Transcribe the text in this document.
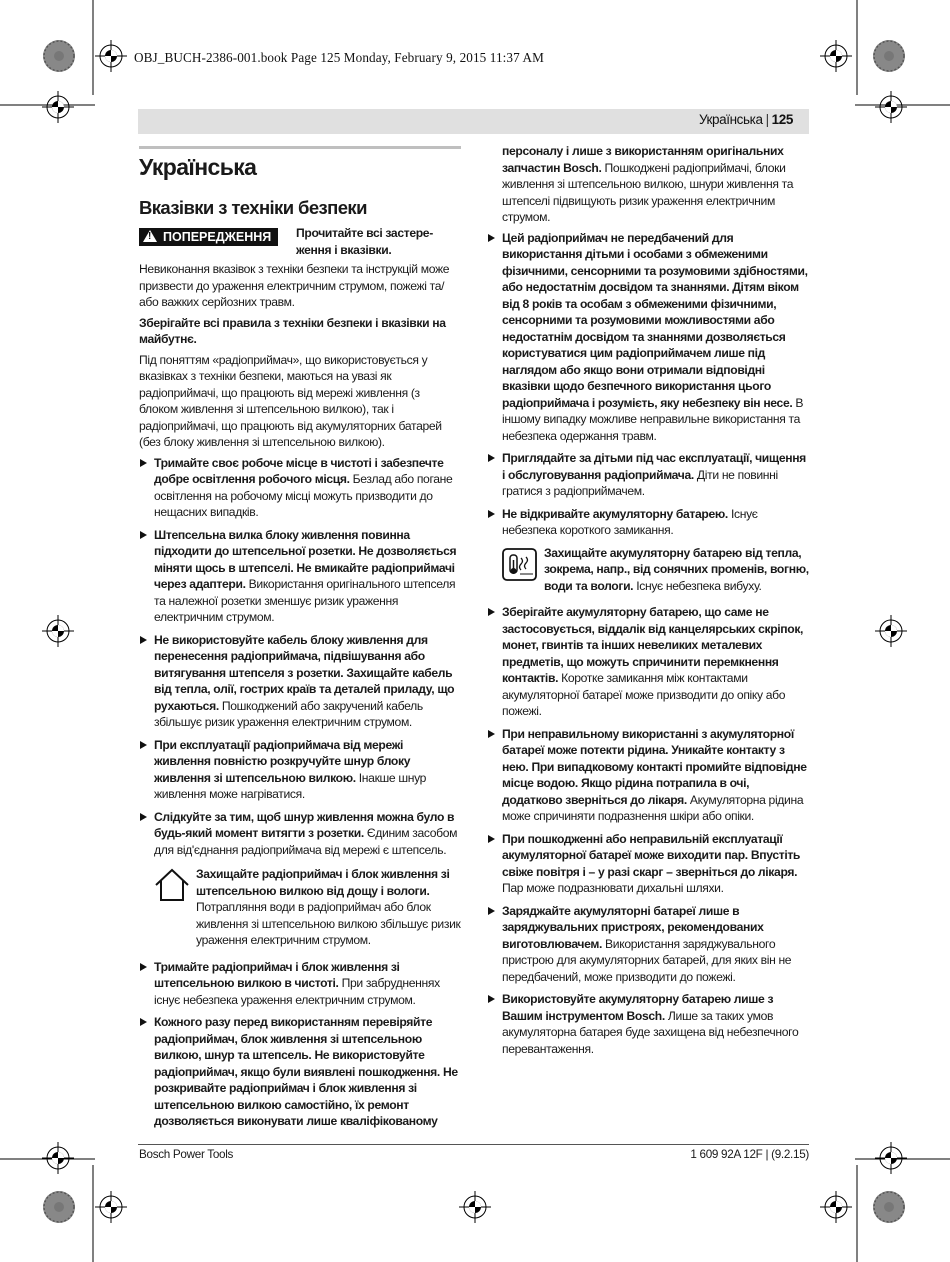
OBJ_BUCH-2386-001.book Page 125 Monday, February 9, 2015 11:37 AM
Українська | 125
Українська
Вказівки з техніки безпеки
!ПОПЕРЕДЖЕННЯ	Прочитайте всі застере-
ження і вказівки.

Невиконання вказівок з техніки безпеки та інструкцій може призвести до ураження електричним струмом, пожежі та/або важких серйозних травм.

Зберігайте всі правила з техніки безпеки і вказівки на майбутнє.

Під поняттям «радіоприймач», що використовується у вказівках з техніки безпеки, маються на увазі як радіоприймачі, що працюють від мережі живлення (з блоком живлення зі штепсельною вилкою), так і радіоприймачі, що працюють від акумуляторних батарей (без блоку живлення зі штепсельною вилкою).

Тримайте своє робоче місце в чистоті і забезпечте добре освітлення робочого місця. Безлад або погане освітлення на робочому місці можуть призводити до нещасних випадків.
Штепсельна вилка блоку живлення повинна підходити до штепсельної розетки. Не дозволяється міняти щось в штепселі. Не вмикайте радіоприймачі через адаптери. Використання оригінального штепселя та належної розетки зменшує ризик ураження електричним струмом.
Не використовуйте кабель блоку живлення для перенесення радіоприймача, підвішування або витягування штепселя з розетки. Захищайте кабель від тепла, олії, гострих країв та деталей приладу, що рухаються. Пошкоджений або закручений кабель збільшує ризик ураження електричним струмом.
При експлуатації радіоприймача від мережі живлення повністю розкручуйте шнур блоку живлення зі штепсельною вилкою. Інакше шнур живлення може нагріватися.
Слідкуйте за тим, щоб шнур живлення можна було в будь-який момент витягти з розетки. Єдиним засобом для від'єднання радіоприймача від мережі є штепсель.
Захищайте радіоприймач і блок живлення зі штепсельною вилкою від дощу і вологи. Потрапляння води в радіоприймач або блок живлення зі штепсельною вилкою збільшує ризик ураження електричним струмом.
Тримайте радіоприймач і блок живлення зі штепсельною вилкою в чистоті. При забрудненнях існує небезпека ураження електричним струмом.
Кожного разу перед використанням перевіряйте радіоприймач, блок живлення зі штепсельною вилкою, шнур та штепсель. Не використовуйте радіоприймач, якщо були виявлені пошкодження. Не розкривайте радіоприймач і блок живлення зі штепсельною вилкою самостійно, їх ремонт дозволяється виконувати лише кваліфікованому

персоналу і лише з використанням оригінальних запчастин Bosch. Пошкоджені радіоприймачі, блоки живлення зі штепсельною вилкою, шнури живлення та штепселі підвищують ризик ураження електричним струмом.

Цей радіоприймач не передбачений для використання дітьми і особами з обмеженими фізичними, сенсорними та розумовими здібностями, або недостатнім досвідом та знаннями. Дітям віком від 8 років та особам з обмеженими фізичними, сенсорними та розумовими можливостями або недостатнім досвідом та знаннями дозволяється користуватися цим радіоприймачем лише під наглядом або якщо вони отримали відповідні вказівки щодо безпечного використання цього радіоприймача і розумієть, яку небезпеку він несе. В іншому випадку можливе неправильне використання та небезпека одержання травм.
Приглядайте за дітьми під час експлуатації, чищення і обслуговування радіоприймача. Діти не повинні гратися з радіоприймачем.
Не відкривайте акумуляторну батарею. Існує небезпека короткого замикання.
Захищайте акумуляторну батарею від тепла, зокрема, напр., від сонячних променів, вогню, води та вологи. Існує небезпека вибуху.
Зберігайте акумуляторну батарею, що саме не застосовується, віддалік від канцелярських скріпок, монет, гвинтів та інших невеликих металевих предметів, що можуть спричинити перемкнення контактів. Коротке замикання між контактами акумуляторної батареї може призводити до опіку або пожежі.
При неправильному використанні з акумуляторної батареї може потекти рідина. Уникайте контакту з нею. При випадковому контакті промийте відповідне місце водою. Якщо рідина потрапила в очі, додатково зверніться до лікаря. Акумуляторна рідина може спричиняти подразнення шкіри або опіки.
При пошкодженні або неправильній експлуатації акумуляторної батареї може виходити пар. Впустіть свіже повітря і – у разі скарг – зверніться до лікаря. Пар може подразнювати дихальні шляхи.
Заряджайте акумуляторні батареї лише в заряджувальних пристроях, рекомендованих виготовлювачем. Використання заряджувального пристрою для акумуляторних батарей, для яких він не передбачений, може призводити до пожежі.
Використовуйте акумуляторну батарею лише з Вашим інструментом Bosch. Лише за таких умов акумуляторна батарея буде захищена від небезпечного перевантаження.
Bosch Power Tools	1 609 92A 12F | (9.2.15)
